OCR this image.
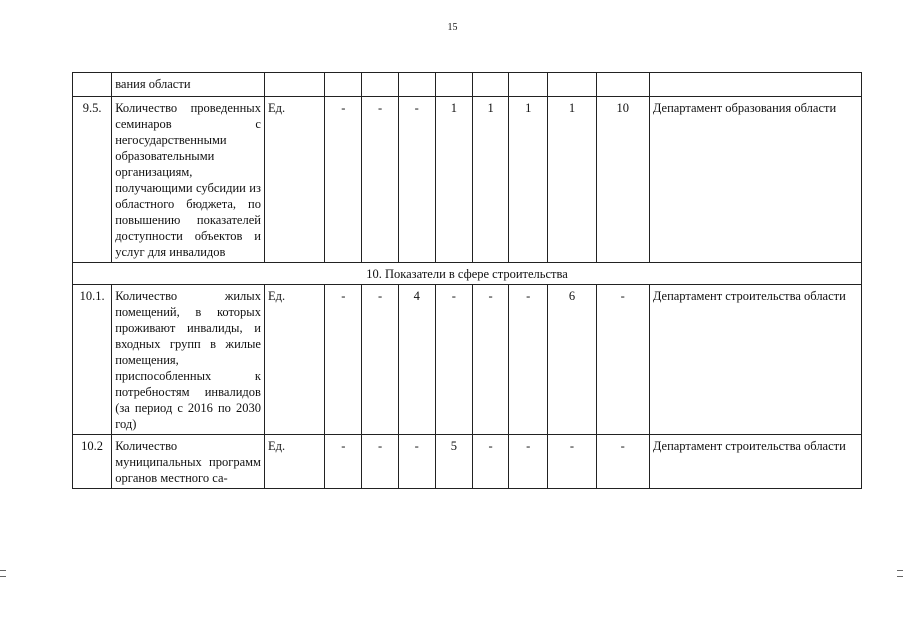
15
	вания области										
9.5.	Количество проведенных семинаров с негосударственными образовательными организациям, получающими субсидии из областного бюджета, по повышению показателей доступности объектов и услуг для инвалидов	Ед.	-	-	-	1	1	1	1	10	Департамент образования области
10. Показатели в сфере строительства											
10.1.	Количество жилых помещений, в которых проживают инвалиды, и входных групп в жилые помещения, приспособленных к потребностям инвалидов (за период с 2016 по 2030 год)	Ед.	-	-	4	-	-	-	6	-	Департамент строительства области
10.2	Количество муниципальных программ органов местного са-	Ед.	-	-	-	5	-	-	-	-	Департамент строительства области
